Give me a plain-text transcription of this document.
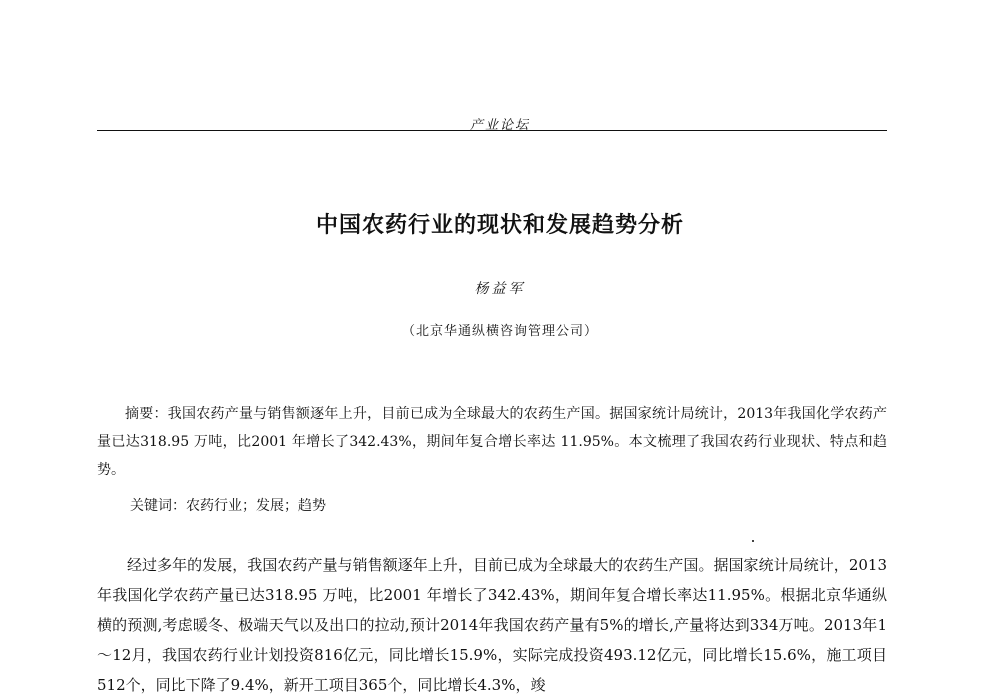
产业论坛
中国农药行业的现状和发展趋势分析
杨益军
（北京华通纵横咨询管理公司）

摘要：我国农药产量与销售额逐年上升，目前已成为全球最大的农药生产国。据国家统计局统计，2013年我国化学农药产量已达318.95 万吨，比2001 年增长了342.43%，期间年复合增长率达 11.95%。本文梳理了我国农药行业现状、特点和趋势。

关键词：农药行业；发展；趋势

经过多年的发展，我国农药产量与销售额逐年上升，目前已成为全球最大的农药生产国。据国家统计局统计，2013年我国化学农药产量已达318.95 万吨，比2001 年增长了342.43%，期间年复合增长率达11.95%。根据北京华通纵横的预测,考虑暖冬、极端天气以及出口的拉动,预计2014年我国农药产量有5%的增长,产量将达到334万吨。2013年1～12月，我国农药行业计划投资816亿元，同比增长15.9%，实际完成投资493.12亿元，同比增长15.6%，施工项目512个，同比下降了9.4%，新开工项目365个，同比增长4.3%，竣
